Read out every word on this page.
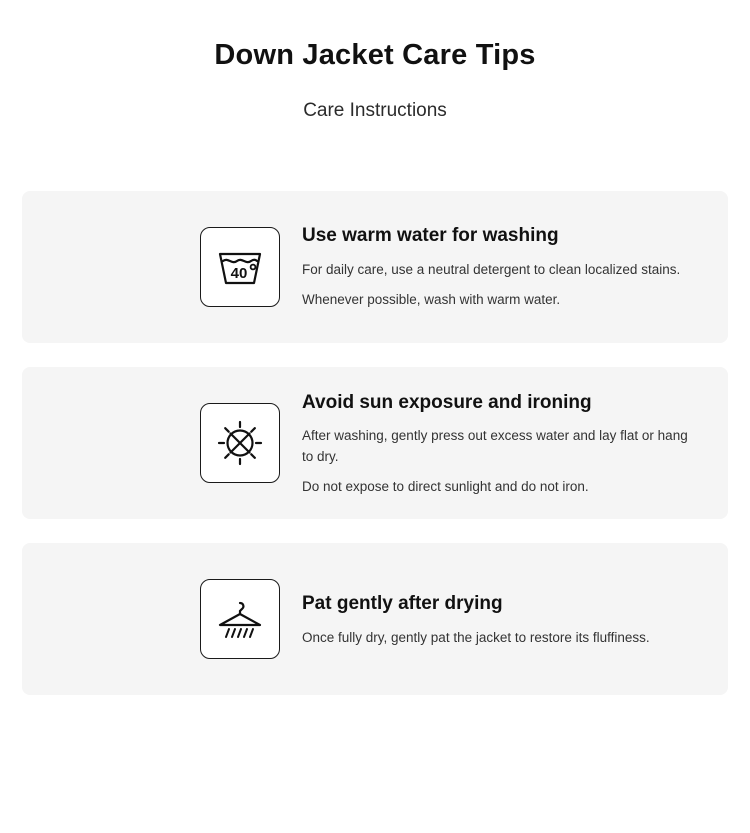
Down Jacket Care Tips
Care Instructions
40
Use warm water for washing

For daily care, use a neutral detergent to clean localized stains.

Whenever possible, wash with warm water.

Avoid sun exposure and ironing

After washing, gently press out excess water and lay flat or hang to dry.

Do not expose to direct sunlight and do not iron.

Pat gently after drying

Once fully dry, gently pat the jacket to restore its fluffiness.
